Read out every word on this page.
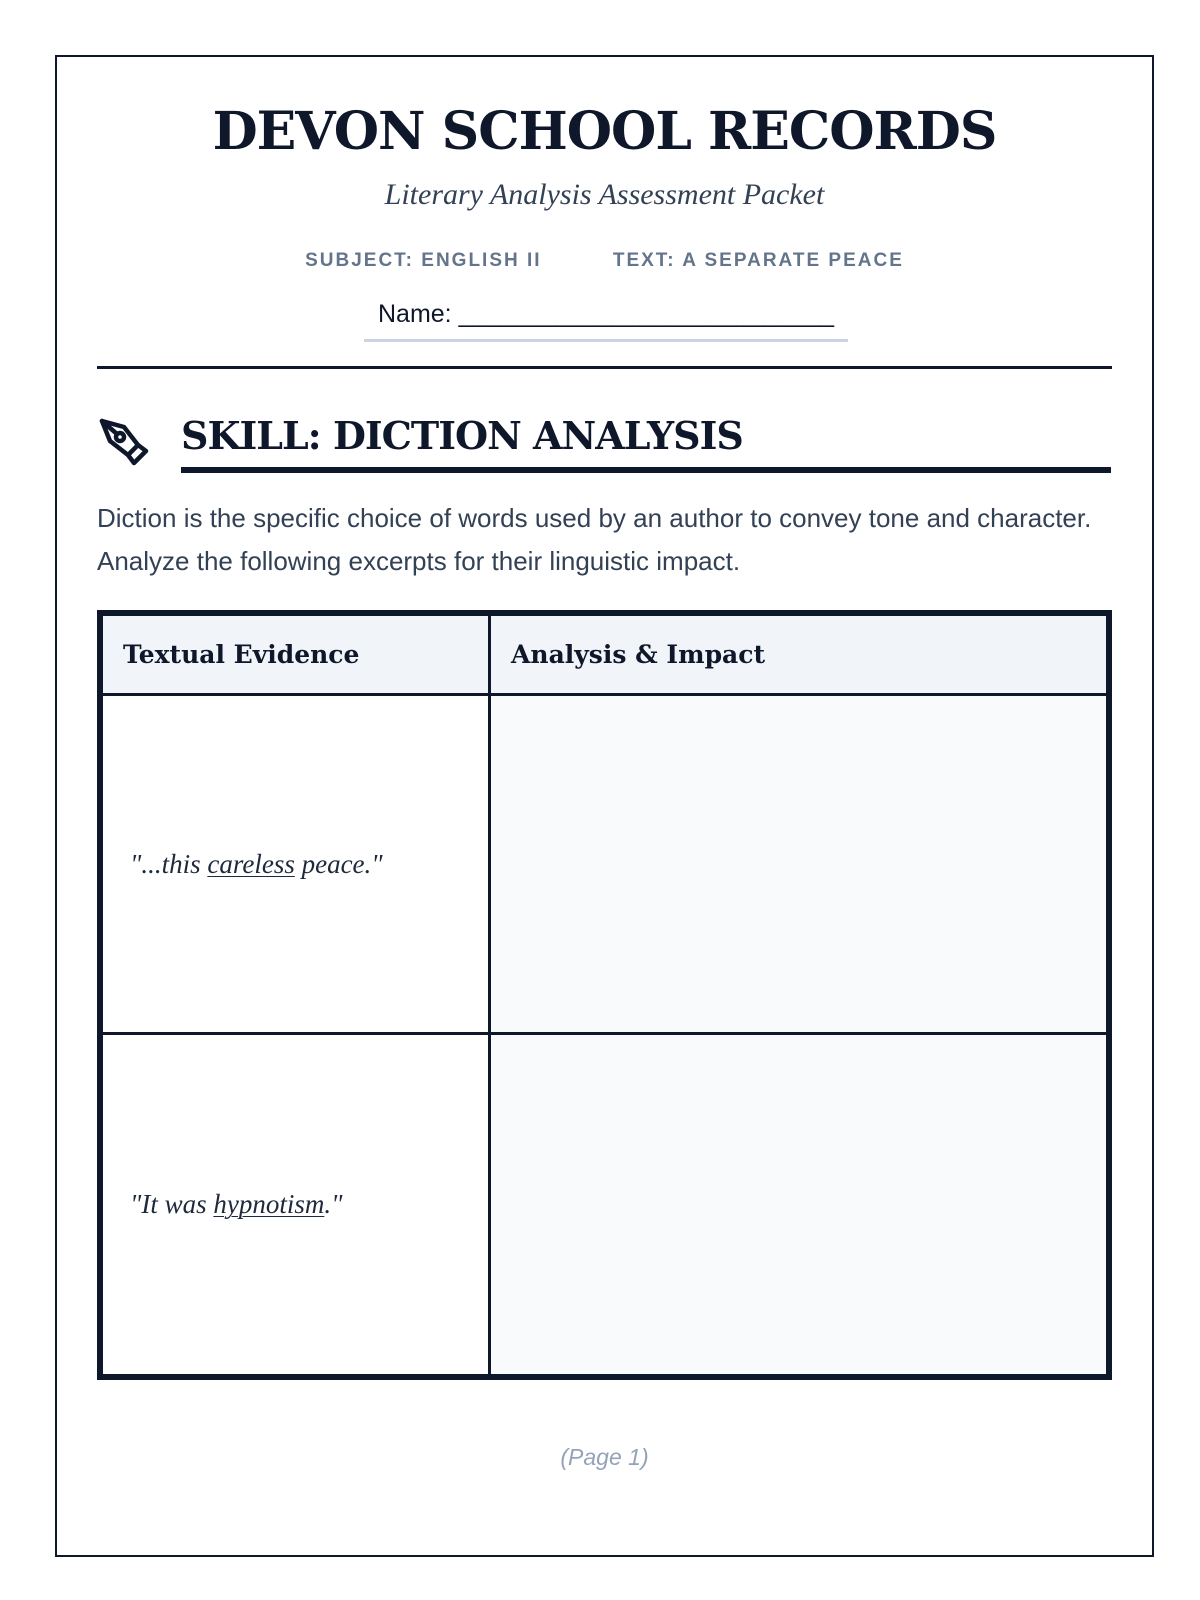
DEVON SCHOOL RECORDS
Literary Analysis Assessment Packet
SUBJECT: ENGLISH II	TEXT: A SEPARATE PEACE
Name: ___________________________
SKILL: DICTION ANALYSIS
Diction is the specific choice of words used by an author to convey tone and character. Analyze the following excerpts for their linguistic impact.
Textual Evidence	Analysis & Impact
"...this careless peace."
"It was hypnotism."
(Page 1)
